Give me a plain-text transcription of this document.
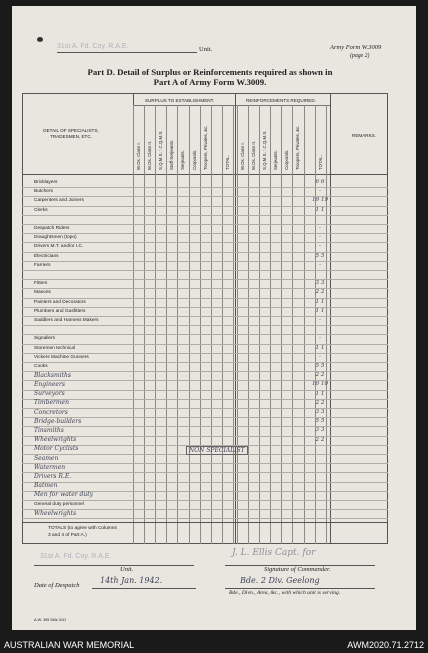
31st A. Fd. Coy. R.A.E.	Unit.	Army Form W.3009
(page 2)
Part D. Detail of Surplus or Reinforcements required as shown in
Part A of Army Form W.3009.
DETAIL OF SPECIALISTS, TRADESMEN, ETC.
SURPLUS TO ESTABLISHMENT.	REINFORCEMENTS REQUIRED.
REMARKS.
W.Os. Class I. W.Os. Class II. S.Q.M.S. : C.Q.M.S. Staff-Serjeants. Serjeants. Corporals. Troopers, Privates, &c.	TOTAL. W.Os. Class I. W.Os. Class II. S.Q.M.S. : C.Q.M.S. Serjeants. Corporals. Troopers, Privates, &c.	TOTAL.
Bricklayers	6 6
Butchers	–
Carpenters and Joiners	19 19
Clerks	1 1
Despatch Riders	–
Draughtsmen (topo)	–
Drivers M.T. and/or I.C.	–
Electricians	5 5
Farriers	–
Fitters	3 3
Masons	2 2
Painters and Decorators	1 1
Plumbers and Gasfitters	1 1
Saddlers and Harness Makers	–
Signallers	–
Storemen technical	1 1
Vickers Machine Gunners	–
Cooks	5 5
Blacksmiths	2 2
Engineers	10 10
Surveyors	1 1
Timbermen	2 2
Concretors	3 3
Bridge-builders	5 5
Tinsmiths	3 3
Wheelwrights	2 2
Motor Cyclists
Seamen
Watermen
Drivers R.E.
Batmen
Men for water duty
General duty personnel
Wheelwrights
NON SPECIALIST
TOTALS (to agree with Columns
3 and 4 of Part A.)
31st A. Fd. Coy. R.A.E.
Unit.
J. L. Ellis Capt. for
Signature of Commander.
Date of Despatch
14th Jan. 1942.	Bde. 2 Div. Geelong
Bde., Divn., Area, &c., with which unit is serving.
A.W. 395 5Ms 3/41
AUSTRALIAN WAR MEMORIAL	AWM2020.71.2712
